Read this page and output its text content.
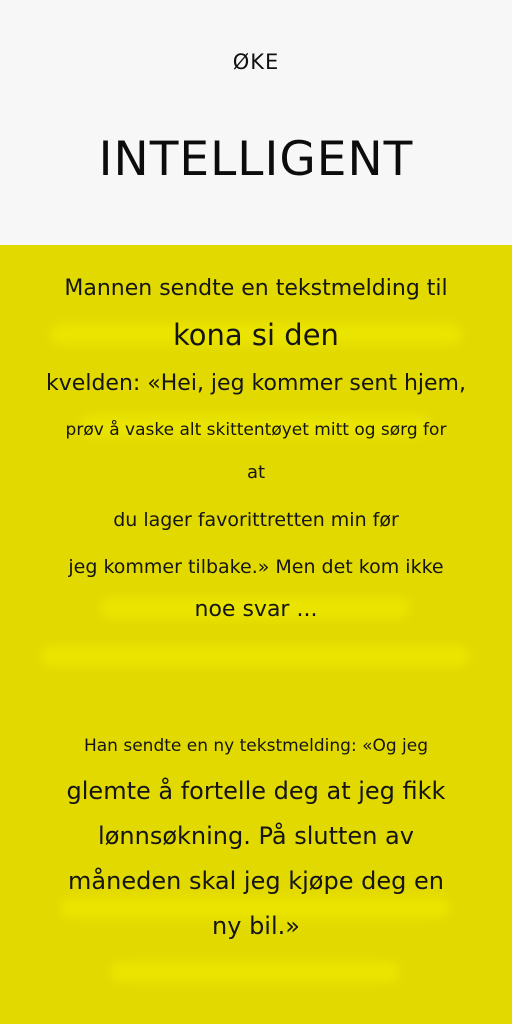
ØKE
INTELLIGENT
Mannen sendte en tekstmelding til
kona si den
kvelden: «Hei, jeg kommer sent hjem,
prøv å vaske alt skittentøyet mitt og sørg for
at
du lager favorittretten min før
jeg kommer tilbake.» Men det kom ikke
noe svar ...
Han sendte en ny tekstmelding: «Og jeg
glemte å fortelle deg at jeg fikk
lønnsøkning. På slutten av
måneden skal jeg kjøpe deg en
ny bil.»
